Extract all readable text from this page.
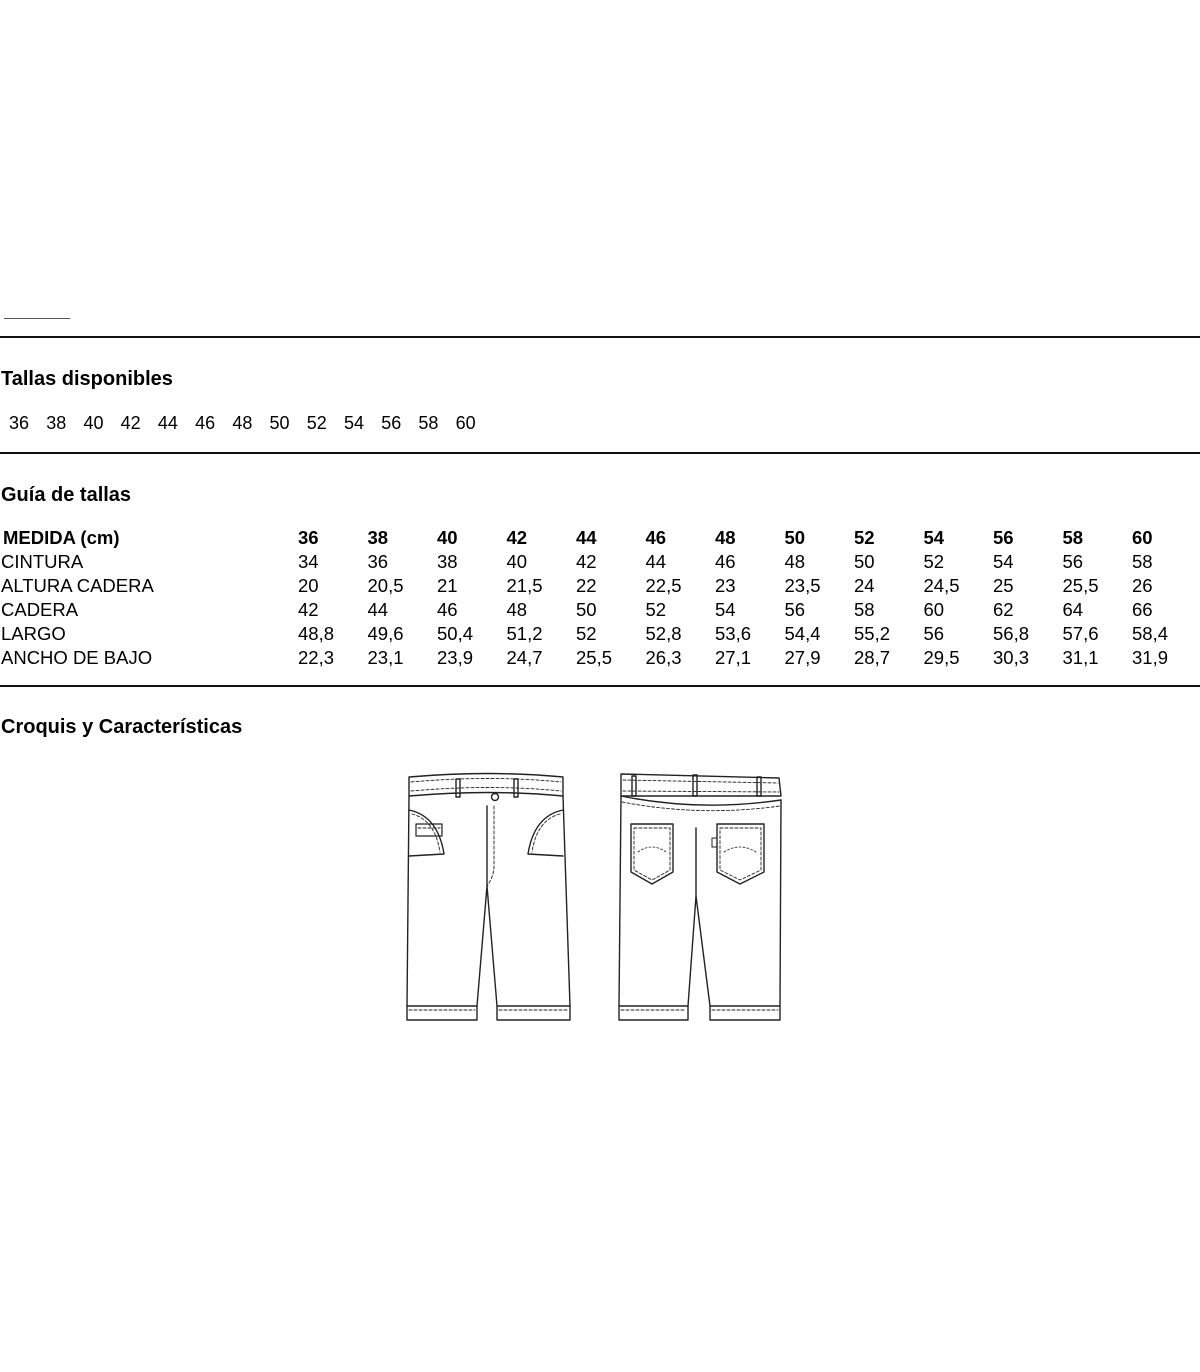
Tallas disponibles
36 38 40 42 44 46 48 50 52 54 56 58 60
Guía de tallas
MEDIDA (cm)	36	38	40	42	44	46	48	50	52	54	56	58	60
CINTURA	34	36	38	40	42	44	46	48	50	52	54	56	58
ALTURA CADERA	20	20,5	21	21,5	22	22,5	23	23,5	24	24,5	25	25,5	26
CADERA	42	44	46	48	50	52	54	56	58	60	62	64	66
LARGO	48,8	49,6	50,4	51,2	52	52,8	53,6	54,4	55,2	56	56,8	57,6	58,4
ANCHO DE BAJO	22,3	23,1	23,9	24,7	25,5	26,3	27,1	27,9	28,7	29,5	30,3	31,1	31,9
Croquis y Características
